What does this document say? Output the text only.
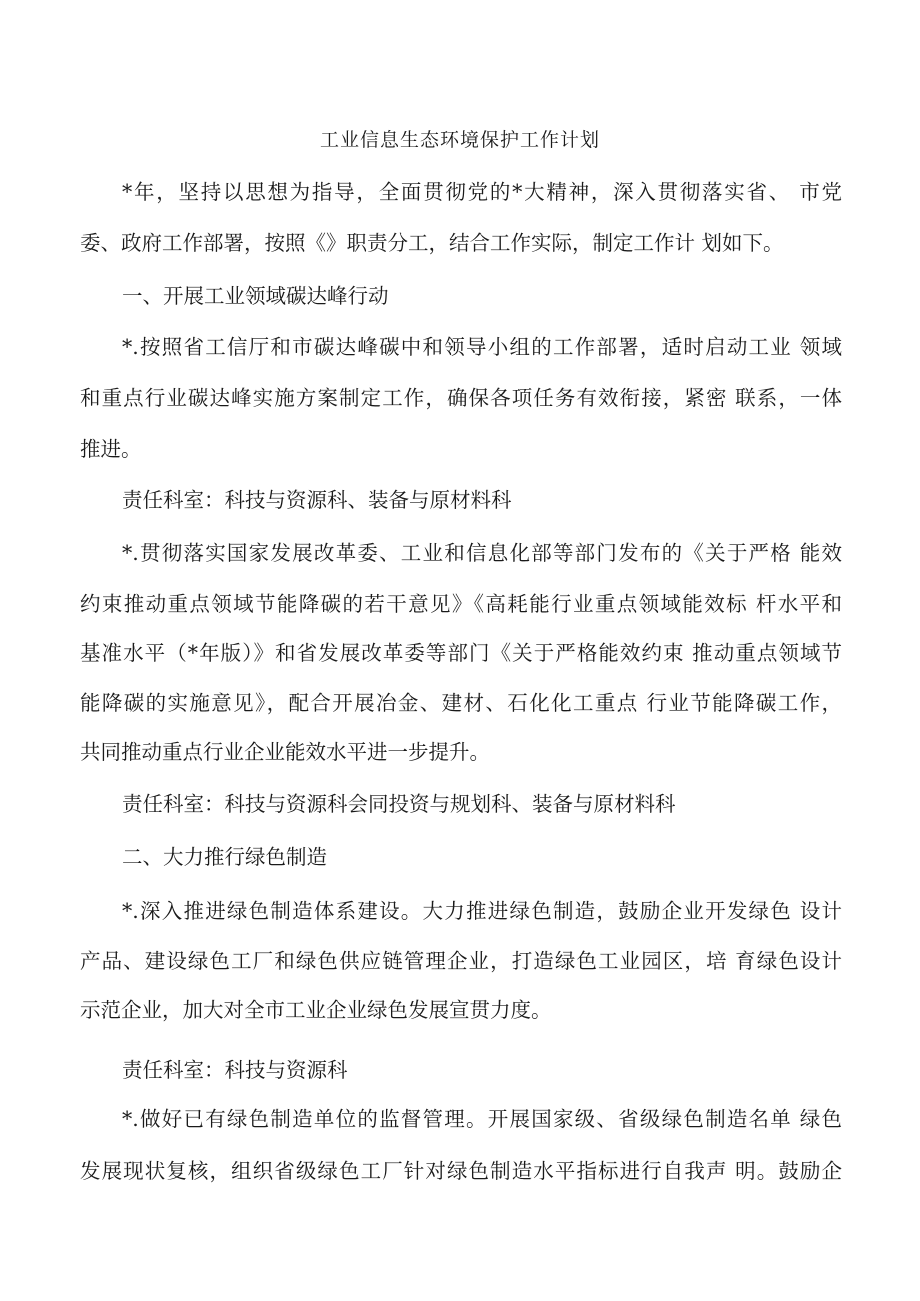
工业信息生态环境保护工作计划
*年，坚持以思想为指导，全面贯彻党的*大精神，深入贯彻落实省、 市党
委、政府工作部署，按照《》职责分工，结合工作实际，制定工作计 划如下。
一、开展工业领域碳达峰行动
*.按照省工信厅和市碳达峰碳中和领导小组的工作部署，适时启动工业 领域
和重点行业碳达峰实施方案制定工作，确保各项任务有效衔接，紧密 联系，一体
推进。
责任科室：科技与资源科、装备与原材料科
*.贯彻落实国家发展改革委、工业和信息化部等部门发布的《关于严格 能效
约束推动重点领域节能降碳的若干意见》《高耗能行业重点领域能效标 杆水平和
基准水平（*年版）》和省发展改革委等部门《关于严格能效约束 推动重点领域节
能降碳的实施意见》，配合开展冶金、建材、石化化工重点 行业节能降碳工作，
共同推动重点行业企业能效水平进一步提升。
责任科室：科技与资源科会同投资与规划科、装备与原材料科
二、大力推行绿色制造
*.深入推进绿色制造体系建设。大力推进绿色制造，鼓励企业开发绿色 设计
产品、建设绿色工厂和绿色供应链管理企业，打造绿色工业园区，培 育绿色设计
示范企业，加大对全市工业企业绿色发展宣贯力度。
责任科室：科技与资源科
*.做好已有绿色制造单位的监督管理。开展国家级、省级绿色制造名单 绿色
发展现状复核，组织省级绿色工厂针对绿色制造水平指标进行自我声 明。鼓励企
